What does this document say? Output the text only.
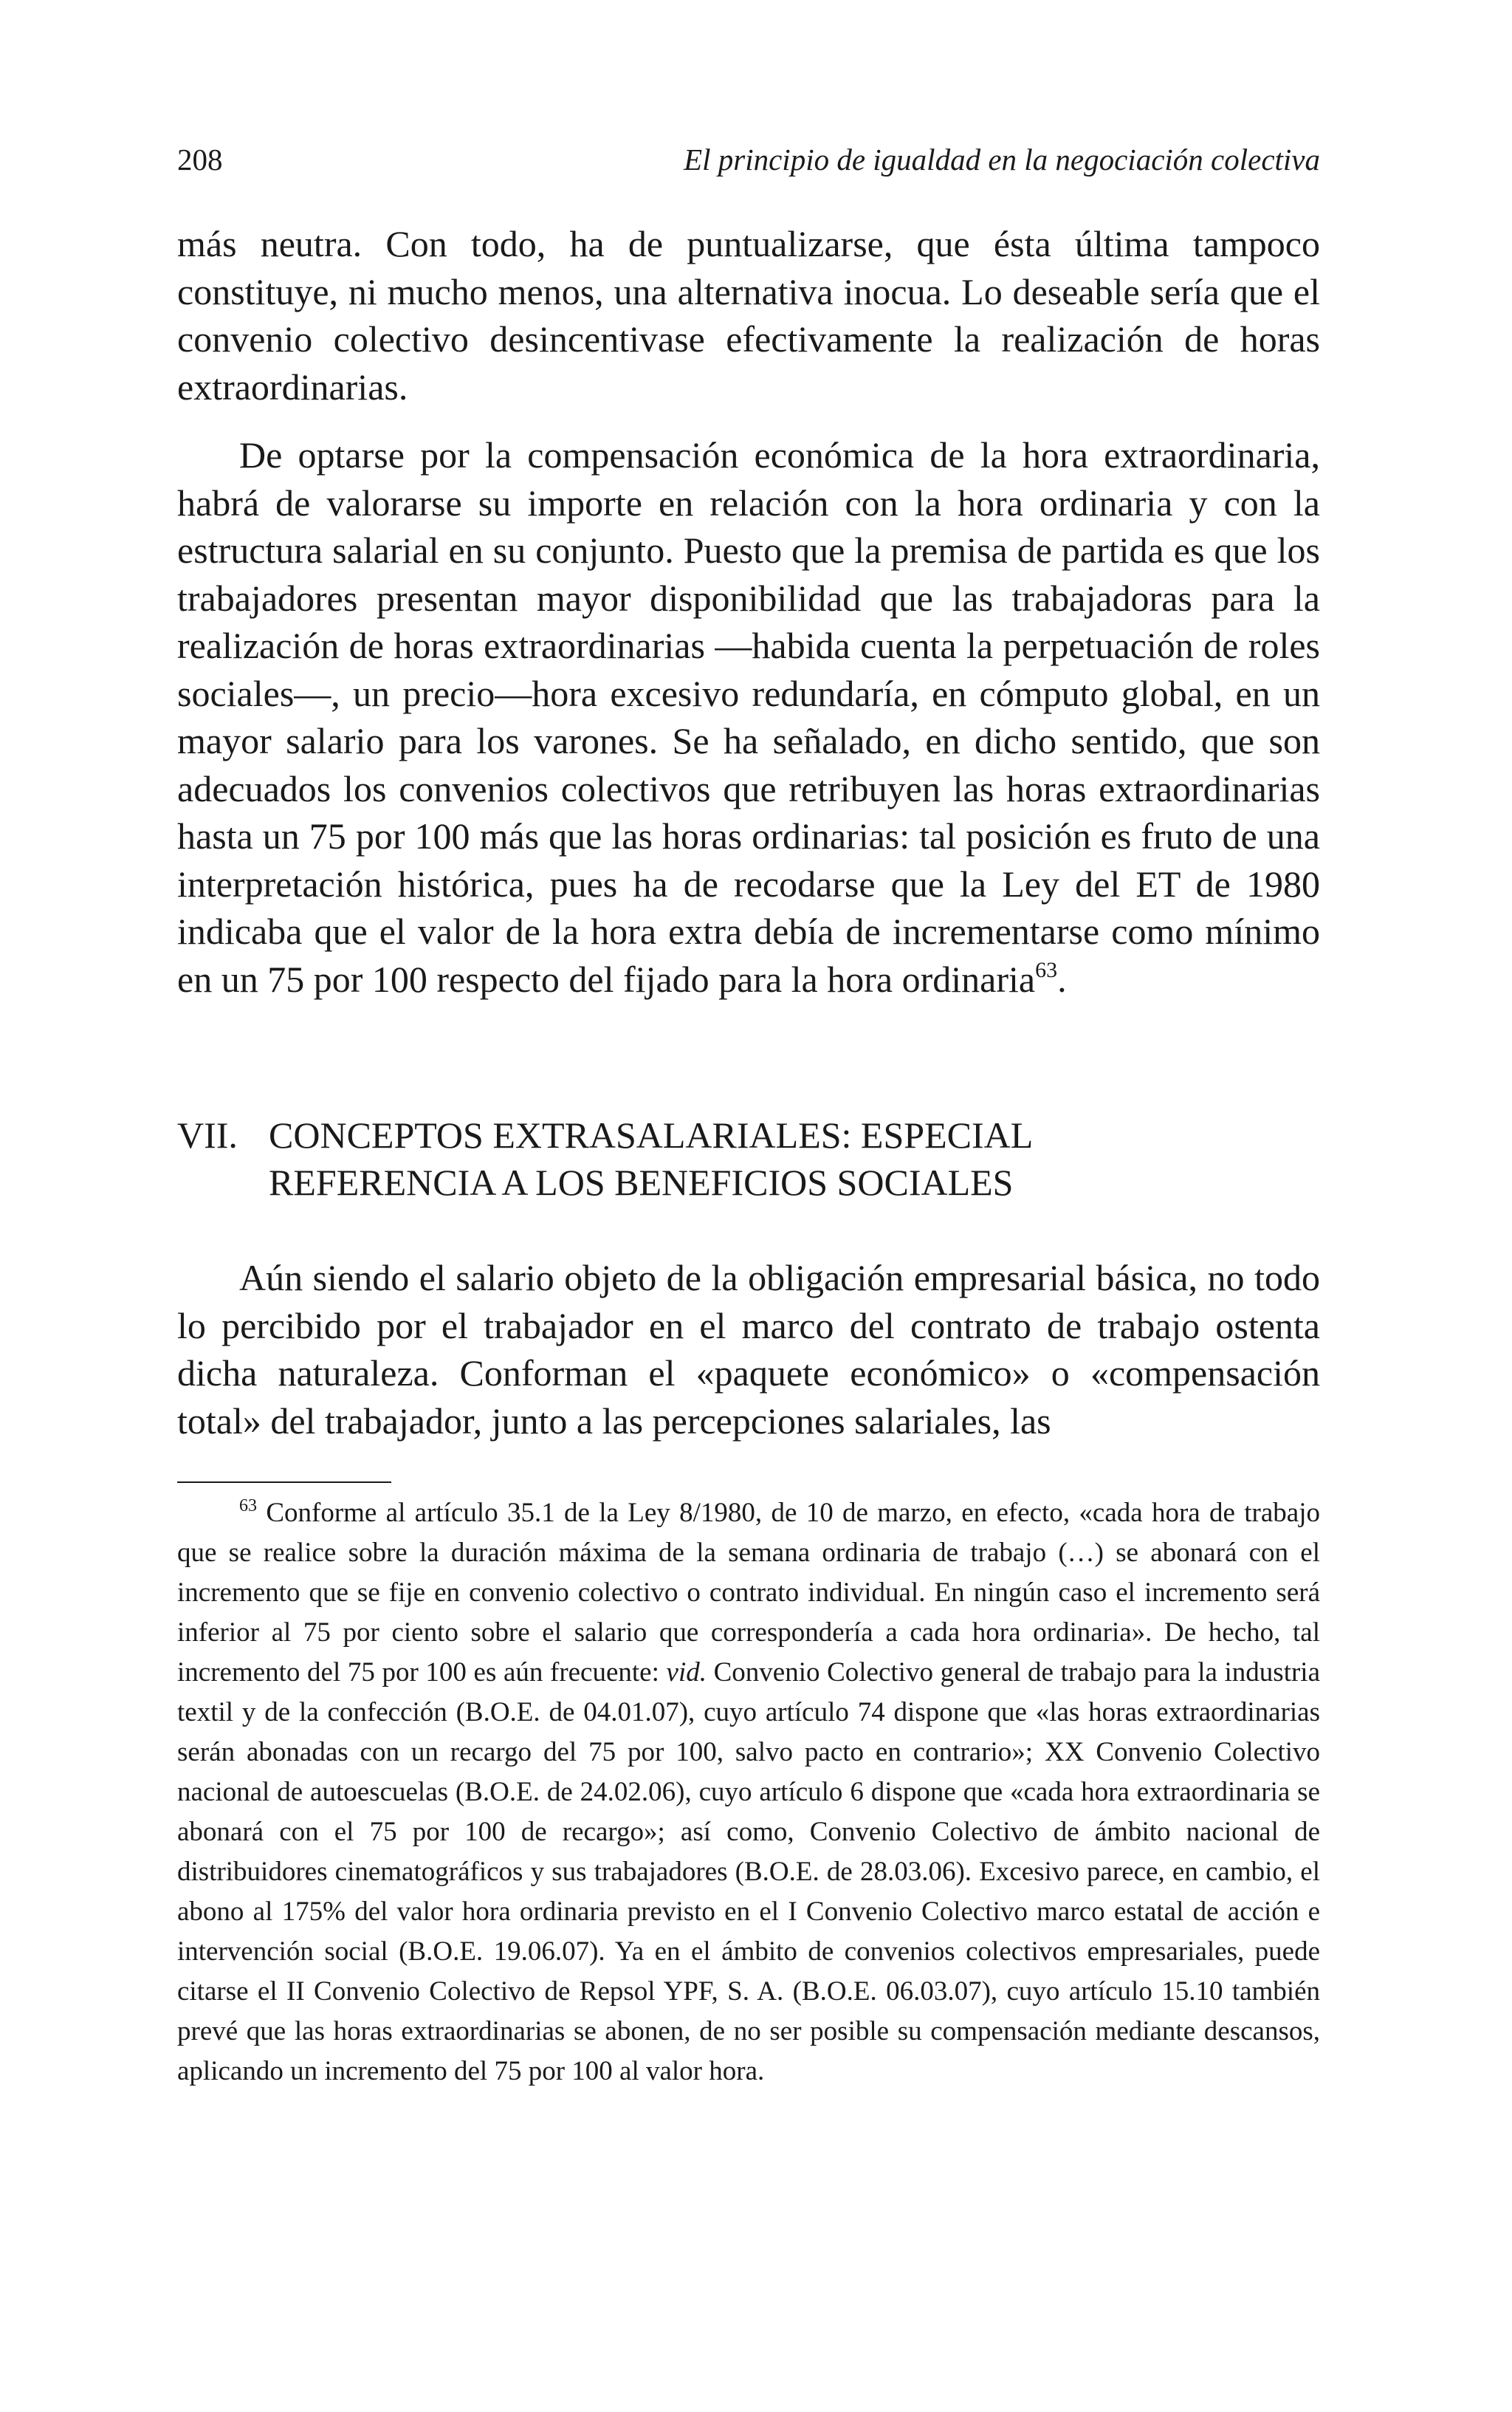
208	El principio de igualdad en la negociación colectiva

más neutra. Con todo, ha de puntualizarse, que ésta última tampoco constituye, ni mucho menos, una alternativa inocua. Lo deseable sería que el convenio colectivo desincentivase efectivamente la realización de horas extraordinarias.

De optarse por la compensación económica de la hora extraordinaria, habrá de valorarse su importe en relación con la hora ordinaria y con la estructura salarial en su conjunto. Puesto que la premisa de partida es que los trabajadores presentan mayor disponibilidad que las trabajadoras para la realización de horas extraordinarias —habida cuenta la perpetuación de roles sociales—, un precio—hora excesivo redundaría, en cómputo global, en un mayor salario para los varones. Se ha señalado, en dicho sentido, que son adecuados los convenios colectivos que retribuyen las horas extraordinarias hasta un 75 por 100 más que las horas ordinarias: tal posición es fruto de una interpretación histórica, pues ha de recodarse que la Ley del ET de 1980 indicaba que el valor de la hora extra debía de incrementarse como mínimo en un 75 por 100 respecto del fijado para la hora ordinaria$^{63}$.

VII. CONCEPTOS EXTRASALARIALES: ESPECIAL
REFERENCIA A LOS BENEFICIOS SOCIALES

Aún siendo el salario objeto de la obligación empresarial básica, no todo lo percibido por el trabajador en el marco del contrato de trabajo ostenta dicha naturaleza. Conforman el «paquete económico» o «compensación total» del trabajador, junto a las percepciones salariales, las

$^{63}$ Conforme al artículo 35.1 de la Ley 8/1980, de 10 de marzo, en efecto, «cada hora de trabajo que se realice sobre la duración máxima de la semana ordinaria de trabajo (…) se abonará con el incremento que se fije en convenio colectivo o contrato individual. En ningún caso el incremento será inferior al 75 por ciento sobre el salario que correspondería a cada hora ordinaria». De hecho, tal incremento del 75 por 100 es aún frecuente: vid. Convenio Colectivo general de trabajo para la industria textil y de la confección (B.O.E. de 04.01.07), cuyo artículo 74 dispone que «las horas extraordinarias serán abonadas con un recargo del 75 por 100, salvo pacto en contrario»; XX Convenio Colectivo nacional de autoescuelas (B.O.E. de 24.02.06), cuyo artículo 6 dispone que «cada hora extraordinaria se abonará con el 75 por 100 de recargo»; así como, Convenio Colectivo de ámbito nacional de distribuidores cinematográficos y sus trabajadores (B.O.E. de 28.03.06). Excesivo parece, en cambio, el abono al 175% del valor hora ordinaria previsto en el I Convenio Colectivo marco estatal de acción e intervención social (B.O.E. 19.06.07). Ya en el ámbito de convenios colectivos empresariales, puede citarse el II Convenio Colectivo de Repsol YPF, S. A. (B.O.E. 06.03.07), cuyo artículo 15.10 también prevé que las horas extraordinarias se abonen, de no ser posible su compensación mediante descansos, aplicando un incremento del 75 por 100 al valor hora.
